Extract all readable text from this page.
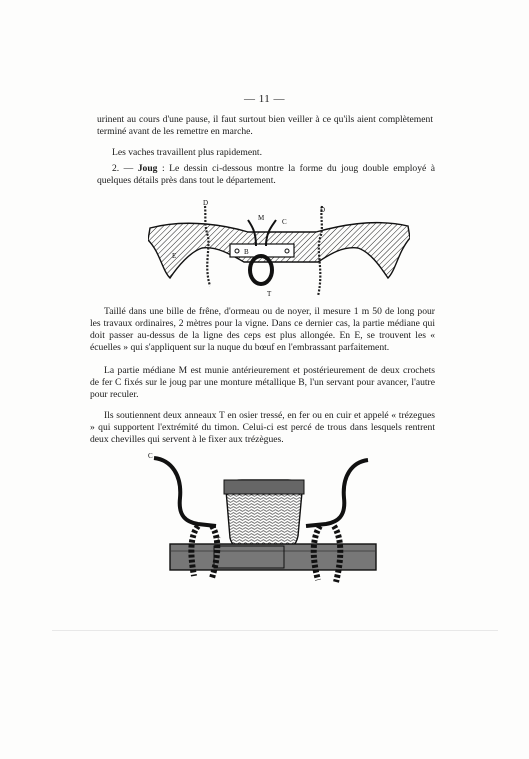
— 11 —

urinent au cours d'une pause, il faut surtout bien veiller à ce qu'ils aient complètement terminé avant de les remettre en marche.

Les vaches travaillent plus rapidement.

2. — Joug : Le dessin ci-dessous montre la forme du joug double employé à quelques détails près dans tout le département.

D
D
M	C
E	B
T

Taillé dans une bille de frêne, d'ormeau ou de noyer, il mesure 1 m 50 de long pour les travaux ordinaires, 2 mètres pour la vigne. Dans ce dernier cas, la partie médiane qui doit passer au-dessus de la ligne des ceps est plus allongée. En E, se trouvent les « écuelles » qui s'appliquent sur la nuque du bœuf en l'embrassant parfaitement.

La partie médiane M est munie antérieurement et postérieurement de deux crochets de fer C fixés sur le joug par une monture métallique B, l'un servant pour avancer, l'autre pour reculer.

Ils soutiennent deux anneaux T en osier tressé, en fer ou en cuir et appelé « trézegues » qui supportent l'extrémité du timon. Celui-ci est percé de trous dans lesquels rentrent deux chevilles qui servent à le fixer aux trézègues.

C
T
